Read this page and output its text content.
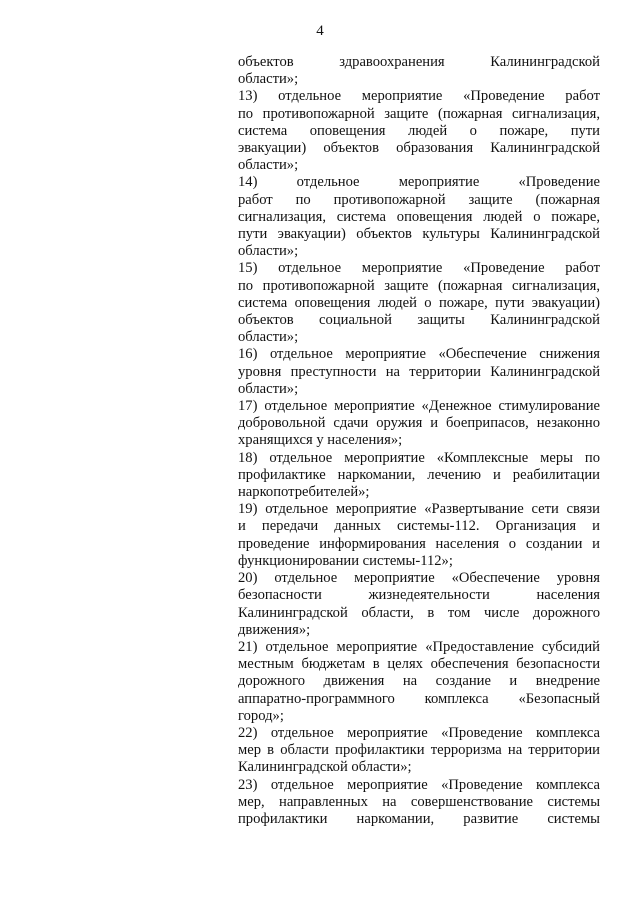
4
объектов здравоохранения Калининградской
области»;
13) отдельное мероприятие «Проведение работ
по противопожарной защите (пожарная сигнализация,
система оповещения людей о пожаре, пути
эвакуации) объектов образования Калининградской
области»;
14) отдельное мероприятие «Проведение
работ по противопожарной защите (пожарная
сигнализация, система оповещения людей о пожаре,
пути эвакуации) объектов культуры Калининградской
области»;
15) отдельное мероприятие «Проведение работ
по противопожарной защите (пожарная сигнализация,
система оповещения людей о пожаре, пути эвакуации)
объектов социальной защиты Калининградской
области»;
16) отдельное мероприятие «Обеспечение снижения
уровня преступности на территории Калининградской
области»;
17) отдельное мероприятие «Денежное стимулирование
добровольной сдачи оружия и боеприпасов, незаконно
хранящихся у населения»;
18) отдельное мероприятие «Комплексные меры по
профилактике наркомании, лечению и реабилитации
наркопотребителей»;
19) отдельное мероприятие «Развертывание сети связи
и передачи данных системы-112. Организация и
проведение информирования населения о создании и
функционировании системы-112»;
20) отдельное мероприятие «Обеспечение уровня
безопасности жизнедеятельности населения
Калининградской области, в том числе дорожного
движения»;
21) отдельное мероприятие «Предоставление субсидий
местным бюджетам в целях обеспечения безопасности
дорожного движения на создание и внедрение
аппаратно-программного комплекса «Безопасный
город»;
22) отдельное мероприятие «Проведение комплекса
мер в области профилактики терроризма на территории
Калининградской области»;
23) отдельное мероприятие «Проведение комплекса
мер, направленных на совершенствование системы
профилактики наркомании, развитие системы
